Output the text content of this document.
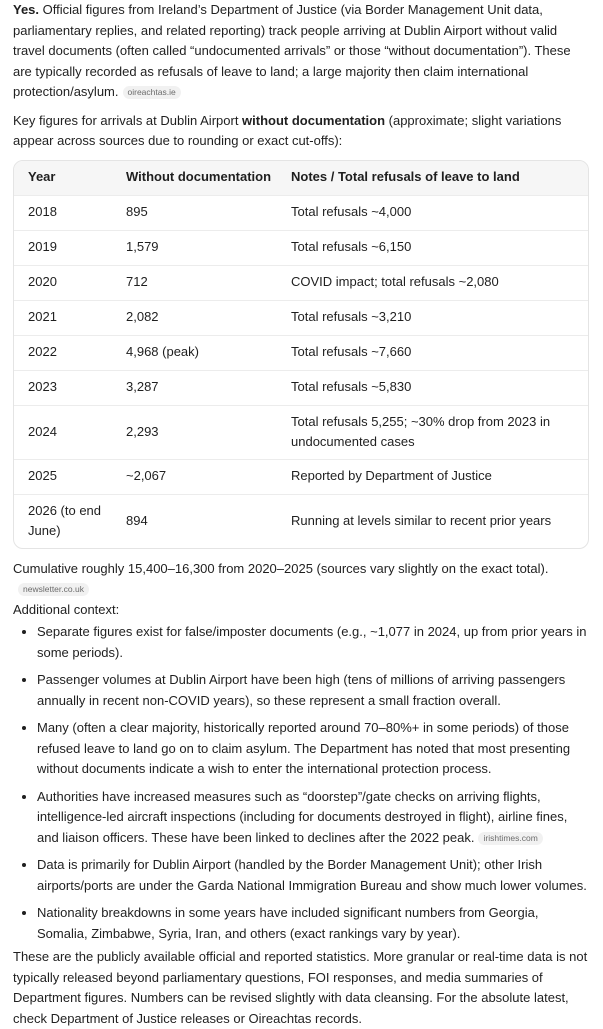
Yes. Official figures from Ireland’s Department of Justice (via Border Management Unit data, parliamentary replies, and related reporting) track people arriving at Dublin Airport without valid travel documents (often called “undocumented arrivals” or those “without documentation”). These are typically recorded as refusals of leave to land; a large majority then claim international protection/asylum. oireachtas.ie

Key figures for arrivals at Dublin Airport without documentation (approximate; slight variations appear across sources due to rounding or exact cut-offs):

Year	Without documentation	Notes / Total refusals of leave to land
2018	895	Total refusals ~4,000
2019	1,579	Total refusals ~6,150
2020	712	COVID impact; total refusals ~2,080
2021	2,082	Total refusals ~3,210
2022	4,968 (peak)	Total refusals ~7,660
2023	3,287	Total refusals ~5,830
2024	2,293	Total refusals 5,255; ~30% drop from 2023 in undocumented cases
2025	~2,067	Reported by Department of Justice
2026 (to end June)	894	Running at levels similar to recent prior years

Cumulative roughly 15,400–16,300 from 2020–2025 (sources vary slightly on the exact total).
newsletter.co.uk

Additional context:

• Separate figures exist for false/imposter documents (e.g., ~1,077 in 2024, up from prior years in some periods).
• Passenger volumes at Dublin Airport have been high (tens of millions of arriving passengers annually in recent non-COVID years), so these represent a small fraction overall.
• Many (often a clear majority, historically reported around 70–80%+ in some periods) of those refused leave to land go on to claim asylum. The Department has noted that most presenting without documents indicate a wish to enter the international protection process.
• Authorities have increased measures such as “doorstep”/gate checks on arriving flights, intelligence-led aircraft inspections (including for documents destroyed in flight), airline fines, and liaison officers. These have been linked to declines after the 2022 peak. irishtimes.com
• Data is primarily for Dublin Airport (handled by the Border Management Unit); other Irish airports/ports are under the Garda National Immigration Bureau and show much lower volumes.
• Nationality breakdowns in some years have included significant numbers from Georgia, Somalia, Zimbabwe, Syria, Iran, and others (exact rankings vary by year).

These are the publicly available official and reported statistics. More granular or real-time data is not typically released beyond parliamentary questions, FOI responses, and media summaries of Department figures. Numbers can be revised slightly with data cleansing. For the absolute latest, check Department of Justice releases or Oireachtas records.
